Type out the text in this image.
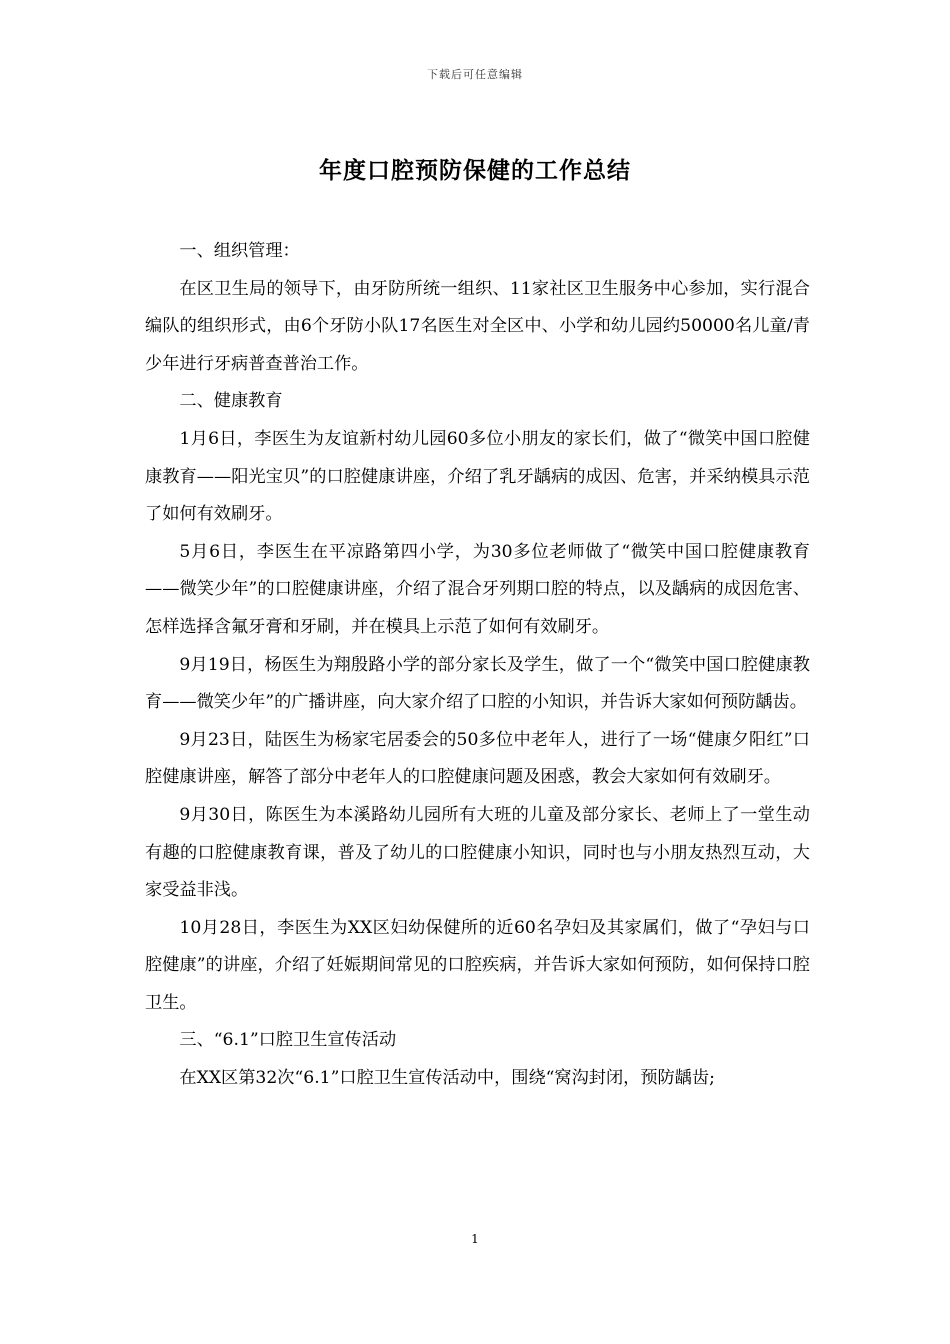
下载后可任意编辑
年度口腔预防保健的工作总结

一、组织管理：

在区卫生局的领导下，由牙防所统一组织、11家社区卫生服务中心参加，实行混合编队的组织形式，由6个牙防小队17名医生对全区中、小学和幼儿园约50000名儿童/青少年进行牙病普查普治工作。

二、健康教育

1月6日，李医生为友谊新村幼儿园60多位小朋友的家长们，做了“微笑中国口腔健康教育——阳光宝贝”的口腔健康讲座，介绍了乳牙龋病的成因、危害，并采纳模具示范了如何有效刷牙。

5月6日，李医生在平凉路第四小学，为30多位老师做了“微笑中国口腔健康教育——微笑少年”的口腔健康讲座，介绍了混合牙列期口腔的特点，以及龋病的成因危害、怎样选择含氟牙膏和牙刷，并在模具上示范了如何有效刷牙。

9月19日，杨医生为翔殷路小学的部分家长及学生，做了一个“微笑中国口腔健康教育——微笑少年”的广播讲座，向大家介绍了口腔的小知识，并告诉大家如何预防龋齿。

9月23日，陆医生为杨家宅居委会的50多位中老年人，进行了一场“健康夕阳红”口腔健康讲座，解答了部分中老年人的口腔健康问题及困惑，教会大家如何有效刷牙。

9月30日，陈医生为本溪路幼儿园所有大班的儿童及部分家长、老师上了一堂生动有趣的口腔健康教育课，普及了幼儿的口腔健康小知识，同时也与小朋友热烈互动，大家受益非浅。

10月28日，李医生为XX区妇幼保健所的近60名孕妇及其家属们，做了“孕妇与口腔健康”的讲座，介绍了妊娠期间常见的口腔疾病，并告诉大家如何预防，如何保持口腔卫生。

三、“6.1”口腔卫生宣传活动

在XX区第32次“6.1”口腔卫生宣传活动中，围绕“窝沟封闭，预防龋齿;

1
